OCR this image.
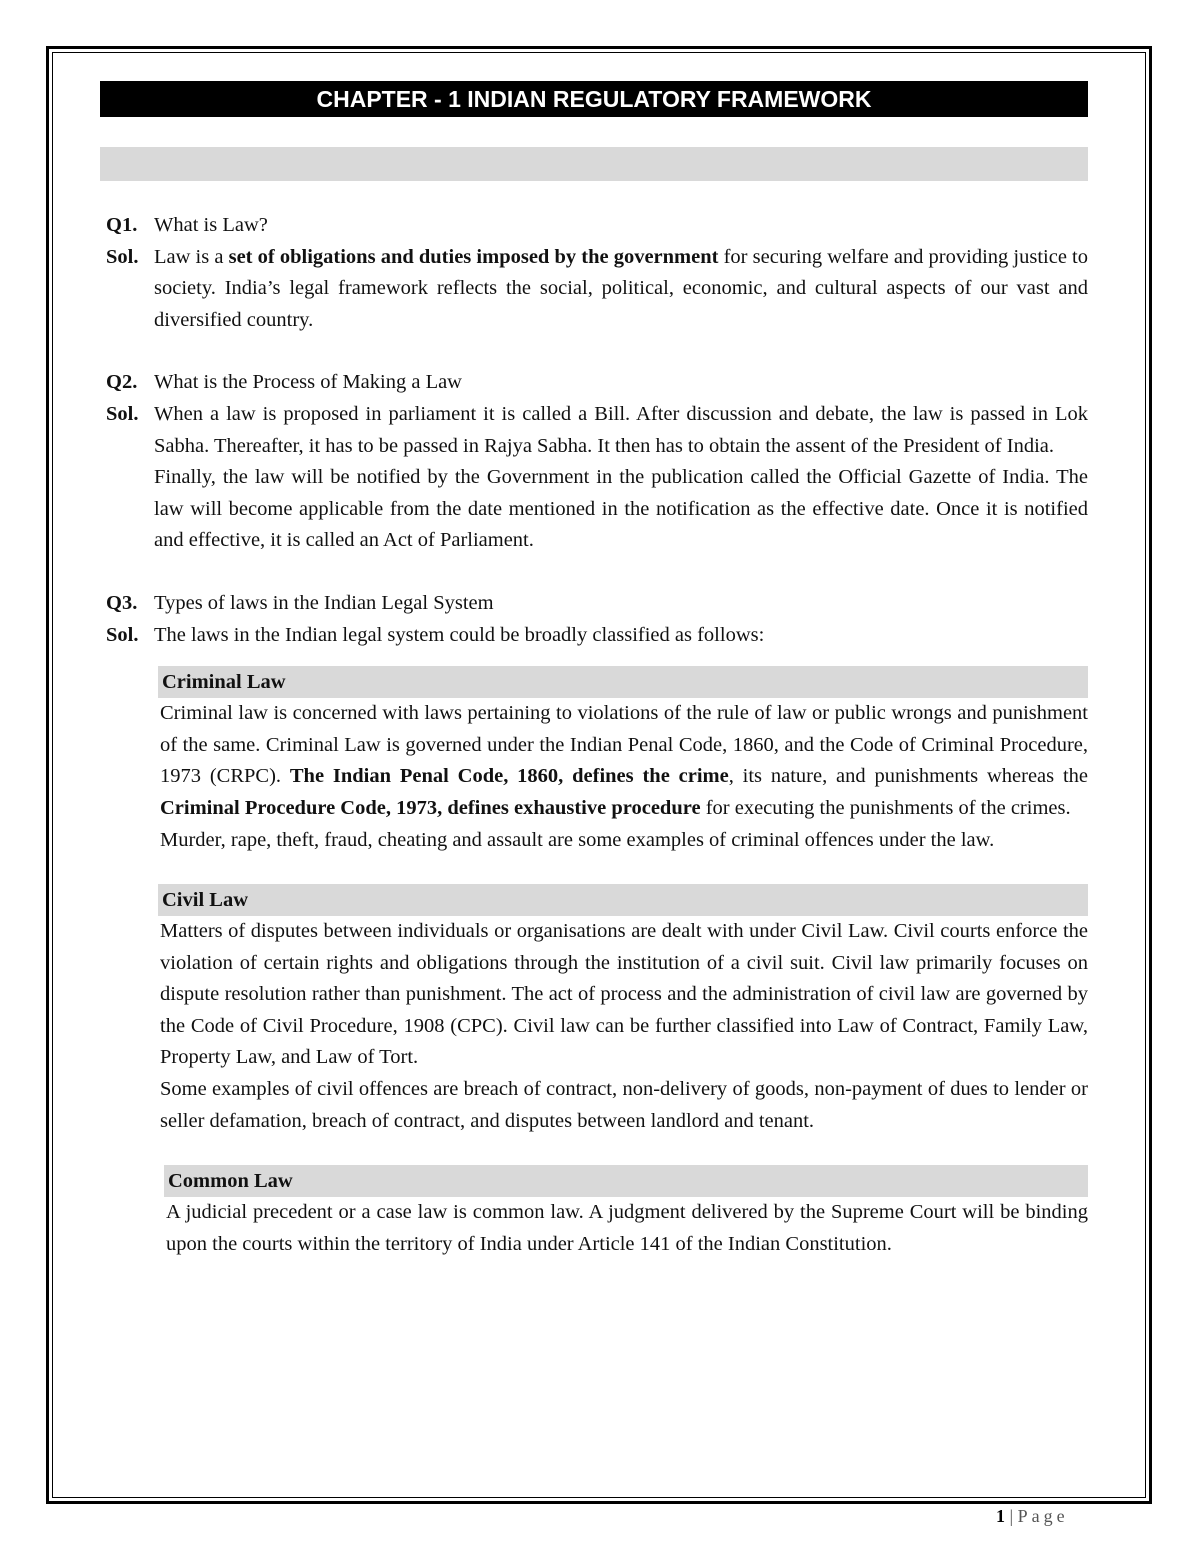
CHAPTER - 1 INDIAN REGULATORY FRAMEWORK
Q1. What is Law?
Sol. Law is a set of obligations and duties imposed by the government for securing welfare and providing justice to society. India’s legal framework reflects the social, political, economic, and cultural aspects of our vast and diversified country.
Q2. What is the Process of Making a Law
Sol. When a law is proposed in parliament it is called a Bill. After discussion and debate, the law is passed in Lok Sabha. Thereafter, it has to be passed in Rajya Sabha. It then has to obtain the assent of the President of India.
Finally, the law will be notified by the Government in the publication called the Official Gazette of India. The law will become applicable from the date mentioned in the notification as the effective date. Once it is notified and effective, it is called an Act of Parliament.
Q3. Types of laws in the Indian Legal System
Sol. The laws in the Indian legal system could be broadly classified as follows:
Criminal Law
Criminal law is concerned with laws pertaining to violations of the rule of law or public wrongs and punishment of the same. Criminal Law is governed under the Indian Penal Code, 1860, and the Code of Criminal Procedure, 1973 (CRPC). The Indian Penal Code, 1860, defines the crime, its nature, and punishments whereas the Criminal Procedure Code, 1973, defines exhaustive procedure for executing the punishments of the crimes.
Murder, rape, theft, fraud, cheating and assault are some examples of criminal offences under the law.
Civil Law
Matters of disputes between individuals or organisations are dealt with under Civil Law. Civil courts enforce the violation of certain rights and obligations through the institution of a civil suit. Civil law primarily focuses on dispute resolution rather than punishment. The act of process and the administration of civil law are governed by the Code of Civil Procedure, 1908 (CPC). Civil law can be further classified into Law of Contract, Family Law, Property Law, and Law of Tort.
Some examples of civil offences are breach of contract, non-delivery of goods, non-payment of dues to lender or seller defamation, breach of contract, and disputes between landlord and tenant.
Common Law
A judicial precedent or a case law is common law. A judgment delivered by the Supreme Court will be binding upon the courts within the territory of India under Article 141 of the Indian Constitution.
1 | Page
